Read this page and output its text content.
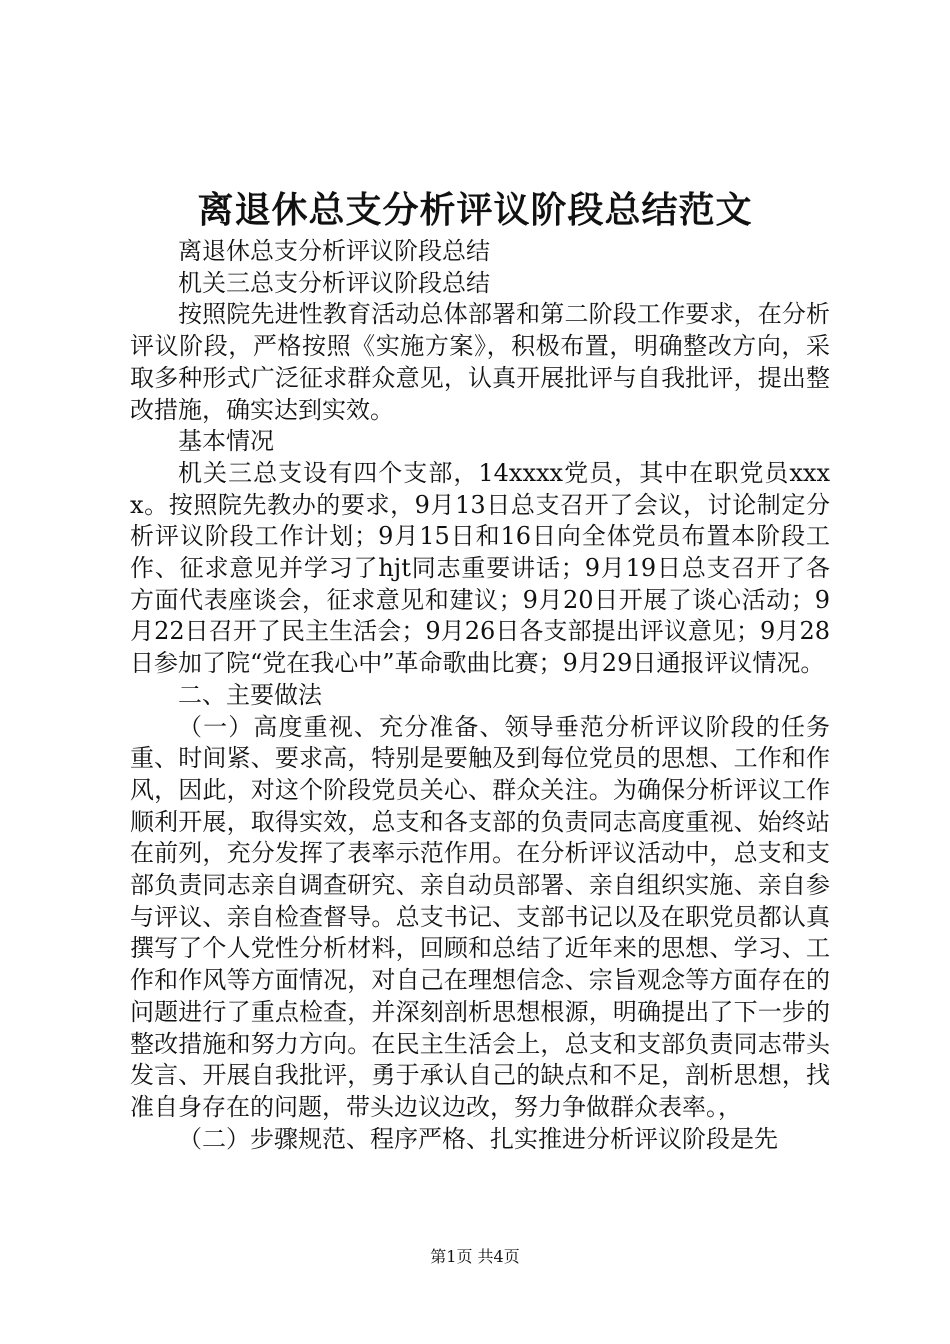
离退休总支分析评议阶段总结范文

离退休总支分析评议阶段总结

机关三总支分析评议阶段总结

按照院先进性教育活动总体部署和第二阶段工作要求，在分析评议阶段，严格按照《实施方案》，积极布置，明确整改方向，采取多种形式广泛征求群众意见，认真开展批评与自我批评，提出整改措施，确实达到实效。

基本情况

机关三总支设有四个支部，14xxxx党员，其中在职党员xxxx。按照院先教办的要求，9月13日总支召开了会议，讨论制定分析评议阶段工作计划；9月15日和16日向全体党员布置本阶段工作、征求意见并学习了hjt同志重要讲话；9月19日总支召开了各方面代表座谈会，征求意见和建议；9月20日开展了谈心活动；9月22日召开了民主生活会；9月26日各支部提出评议意见；9月28日参加了院“党在我心中”革命歌曲比赛；9月29日通报评议情况。

二、主要做法

（一）高度重视、充分准备、领导垂范分析评议阶段的任务重、时间紧、要求高，特别是要触及到每位党员的思想、工作和作风，因此，对这个阶段党员关心、群众关注。为确保分析评议工作顺利开展，取得实效，总支和各支部的负责同志高度重视、始终站在前列，充分发挥了表率示范作用。在分析评议活动中，总支和支部负责同志亲自调查研究、亲自动员部署、亲自组织实施、亲自参与评议、亲自检查督导。总支书记、支部书记以及在职党员都认真撰写了个人党性分析材料，回顾和总结了近年来的思想、学习、工作和作风等方面情况，对自己在理想信念、宗旨观念等方面存在的问题进行了重点检查，并深刻剖析思想根源，明确提出了下一步的整改措施和努力方向。在民主生活会上，总支和支部负责同志带头发言、开展自我批评，勇于承认自己的缺点和不足，剖析思想，找准自身存在的问题，带头边议边改，努力争做群众表率。，

（二）步骤规范、程序严格、扎实推进分析评议阶段是先

第1页 共4页
